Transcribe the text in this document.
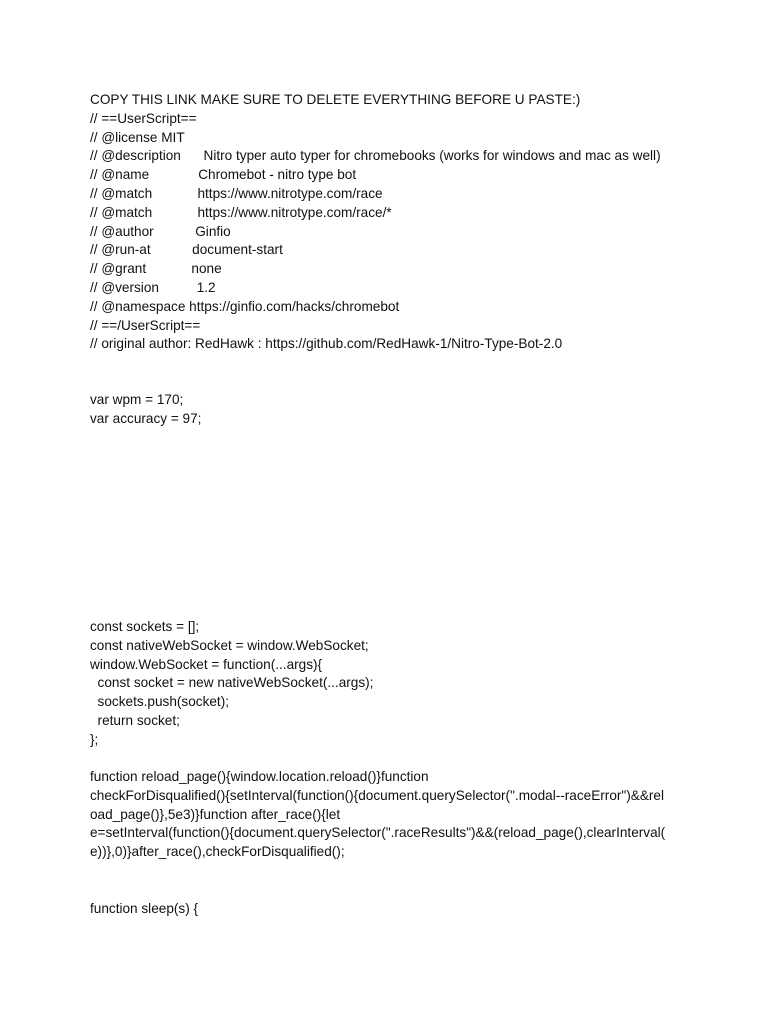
COPY THIS LINK MAKE SURE TO DELETE EVERYTHING BEFORE U PASTE:)
// ==UserScript==
// @license MIT
// @description      Nitro typer auto typer for chromebooks (works for windows and mac as well)
// @name             Chromebot - nitro type bot
// @match            https://www.nitrotype.com/race
// @match            https://www.nitrotype.com/race/*
// @author           Ginfio
// @run-at           document-start
// @grant            none
// @version          1.2
// @namespace https://ginfio.com/hacks/chromebot
// ==/UserScript==
// original author: RedHawk : https://github.com/RedHawk-1/Nitro-Type-Bot-2.0
var wpm = 170;
var accuracy = 97;
const sockets = [];
const nativeWebSocket = window.WebSocket;
window.WebSocket = function(...args){
const socket = new nativeWebSocket(...args);
sockets.push(socket);
return socket;
};
function reload_page(){window.location.reload()}function
checkForDisqualified(){setInterval(function(){document.querySelector(".modal--raceError")&&rel
oad_page()},5e3)}function after_race(){let
e=setInterval(function(){document.querySelector(".raceResults")&&(reload_page(),clearInterval(
e))},0)}after_race(),checkForDisqualified();
function sleep(s) {
